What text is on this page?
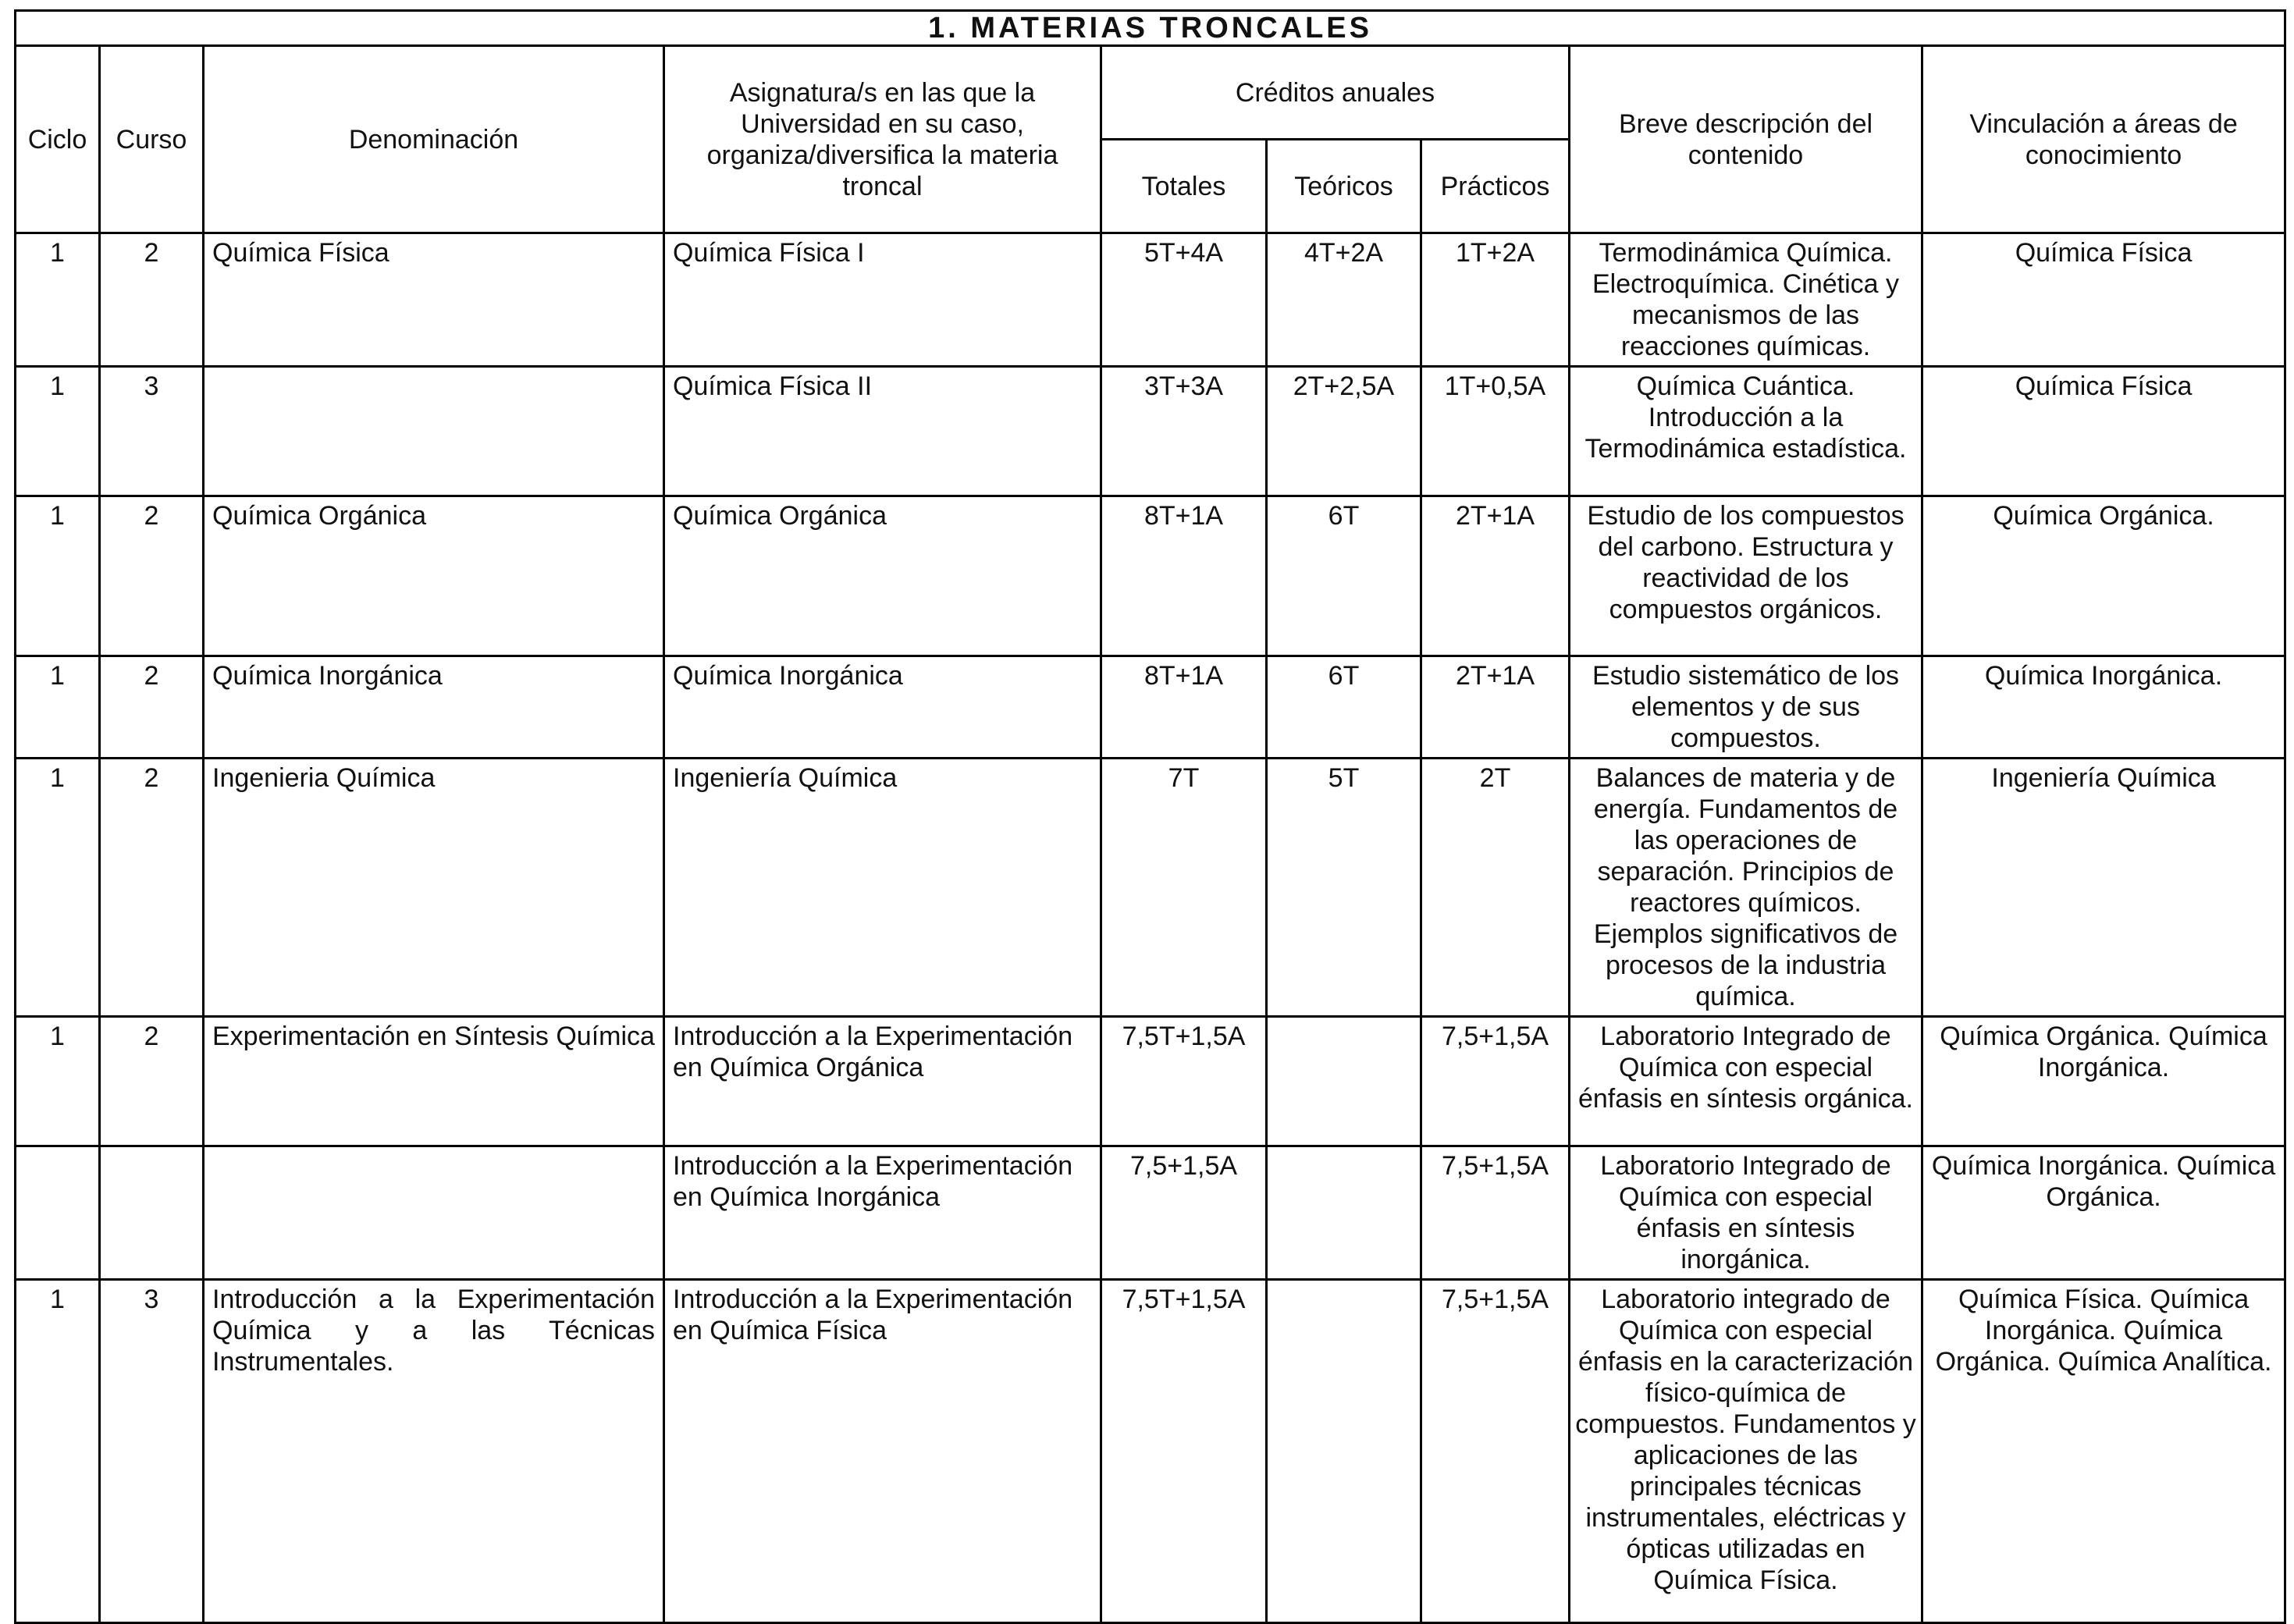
1. MATERIAS TRONCALES								
Ciclo	Curso	Denominación	Asignatura/s en las que la Universidad en su caso, organiza/diversifica la materia troncal	Créditos anuales			Breve descripción del contenido	Vinculación a áreas de conocimiento
				Totales	Teóricos	Prácticos		
1	2	Química Física	Química Física I	5T+4A	4T+2A	1T+2A	Termodinámica Química. Electroquímica. Cinética y mecanismos de las reacciones químicas.	Química Física
1	3		Química Física II	3T+3A	2T+2,5A	1T+0,5A	Química Cuántica. Introducción a la Termodinámica estadística.	Química Física
1	2	Química Orgánica	Química Orgánica	8T+1A	6T	2T+1A	Estudio de los compuestos del carbono. Estructura y reactividad de los compuestos orgánicos.	Química Orgánica.
1	2	Química Inorgánica	Química Inorgánica	8T+1A	6T	2T+1A	Estudio sistemático de los elementos y de sus compuestos.	Química Inorgánica.
1	2	Ingenieria Química	Ingeniería Química	7T	5T	2T	Balances de materia y de energía. Fundamentos de las operaciones de separación. Principios de reactores químicos. Ejemplos significativos de procesos de la industria química.	Ingeniería Química
1	2	Experimentación en Síntesis Química	Introducción a la Experimentación en Química Orgánica	7,5T+1,5A		7,5+1,5A	Laboratorio Integrado de Química con especial énfasis en síntesis orgánica.	Química Orgánica. Química Inorgánica.
			Introducción a la Experimentación en Química Inorgánica	7,5+1,5A		7,5+1,5A	Laboratorio Integrado de Química con especial énfasis en síntesis inorgánica.	Química Inorgánica. Química Orgánica.
1	3	Introducción a la Experimentación Química y a las Técnicas Instrumentales.	Introducción a la Experimentación en Química Física	7,5T+1,5A		7,5+1,5A	Laboratorio integrado de Química con especial énfasis en la caracterización físico-química de compuestos. Fundamentos y aplicaciones de las principales técnicas instrumentales, eléctricas y ópticas utilizadas en Química Física.	Química Física. Química Inorgánica. Química Orgánica. Química Analítica.
